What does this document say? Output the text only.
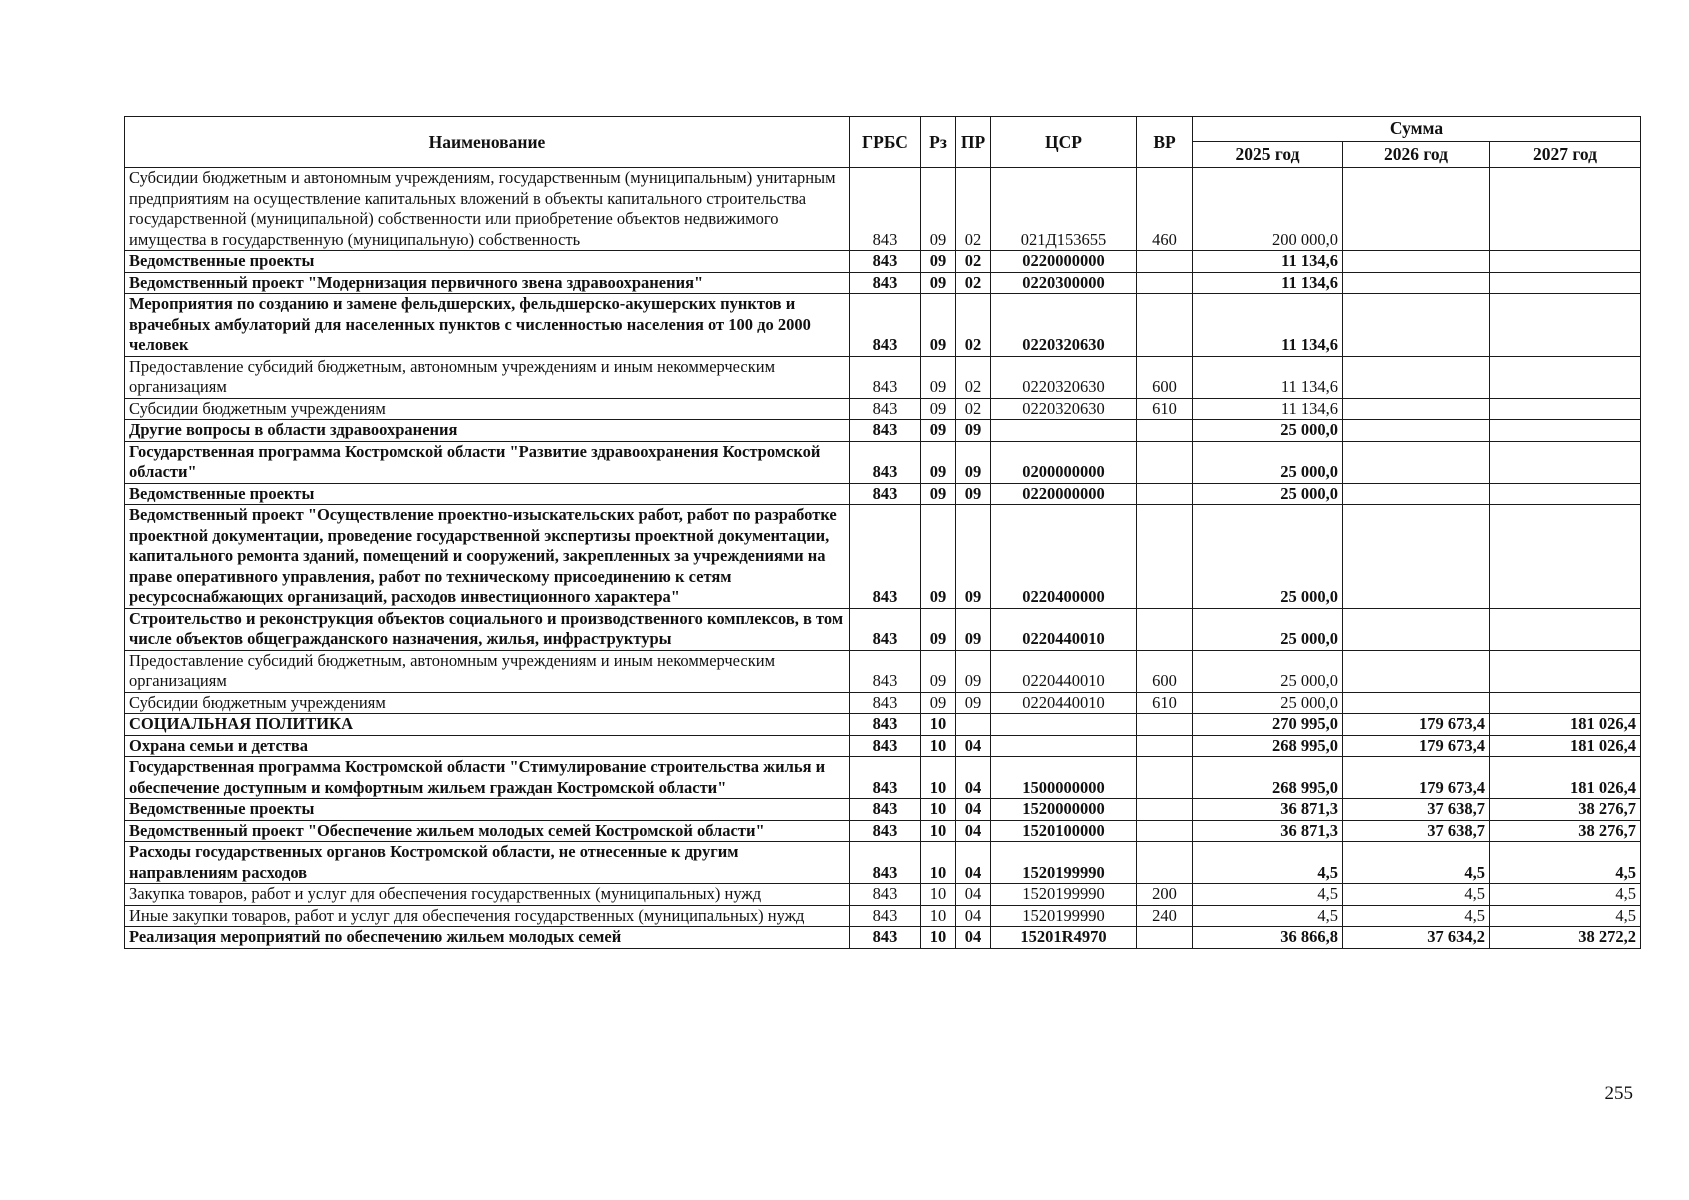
Наименование	ГРБС	Рз	ПР	ЦСР	ВР	Сумма		
						2025 год	2026 год	2027 год
Субсидии бюджетным и автономным учреждениям, государственным (муниципальным) унитарным предприятиям на осуществление капитальных вложений в объекты капитального строительства государственной (муниципальной) собственности или приобретение объектов недвижимого имущества в государственную (муниципальную) собственность	843	09	02	021Д153655	460	200 000,0		
Ведомственные проекты	843	09	02	0220000000		11 134,6		
Ведомственный проект "Модернизация первичного звена здравоохранения"	843	09	02	0220300000		11 134,6		
Мероприятия по созданию и замене фельдшерских, фельдшерско-акушерских пунктов и врачебных амбулаторий для населенных пунктов с численностью населения от 100 до 2000 человек	843	09	02	0220320630		11 134,6		
Предоставление субсидий бюджетным, автономным учреждениям и иным некоммерческим организациям	843	09	02	0220320630	600	11 134,6		
Субсидии бюджетным учреждениям	843	09	02	0220320630	610	11 134,6		
Другие вопросы в области здравоохранения	843	09	09			25 000,0		
Государственная программа Костромской области "Развитие здравоохранения Костромской области"	843	09	09	0200000000		25 000,0		
Ведомственные проекты	843	09	09	0220000000		25 000,0		
Ведомственный проект "Осуществление проектно-изыскательских работ, работ по разработке проектной документации, проведение государственной экспертизы проектной документации, капитального ремонта зданий, помещений и сооружений, закрепленных за учреждениями на праве оперативного управления, работ по техническому присоединению к сетям ресурсоснабжающих организаций, расходов инвестиционного характера"	843	09	09	0220400000		25 000,0		
Строительство и реконструкция объектов социального и производственного комплексов, в том числе объектов общегражданского назначения, жилья, инфраструктуры	843	09	09	0220440010		25 000,0		
Предоставление субсидий бюджетным, автономным учреждениям и иным некоммерческим организациям	843	09	09	0220440010	600	25 000,0		
Субсидии бюджетным учреждениям	843	09	09	0220440010	610	25 000,0		
СОЦИАЛЬНАЯ ПОЛИТИКА	843	10				270 995,0	179 673,4	181 026,4
Охрана семьи и детства	843	10	04			268 995,0	179 673,4	181 026,4
Государственная программа Костромской области "Стимулирование строительства жилья и обеспечение доступным и комфортным жильем граждан Костромской области"	843	10	04	1500000000		268 995,0	179 673,4	181 026,4
Ведомственные проекты	843	10	04	1520000000		36 871,3	37 638,7	38 276,7
Ведомственный проект "Обеспечение жильем молодых семей Костромской области"	843	10	04	1520100000		36 871,3	37 638,7	38 276,7
Расходы государственных органов Костромской области, не отнесенные к другим направлениям расходов	843	10	04	1520199990		4,5	4,5	4,5
Закупка товаров, работ и услуг для обеспечения государственных (муниципальных) нужд	843	10	04	1520199990	200	4,5	4,5	4,5
Иные закупки товаров, работ и услуг для обеспечения государственных (муниципальных) нужд	843	10	04	1520199990	240	4,5	4,5	4,5
Реализация мероприятий по обеспечению жильем молодых семей	843	10	04	15201R4970		36 866,8	37 634,2	38 272,2
255
